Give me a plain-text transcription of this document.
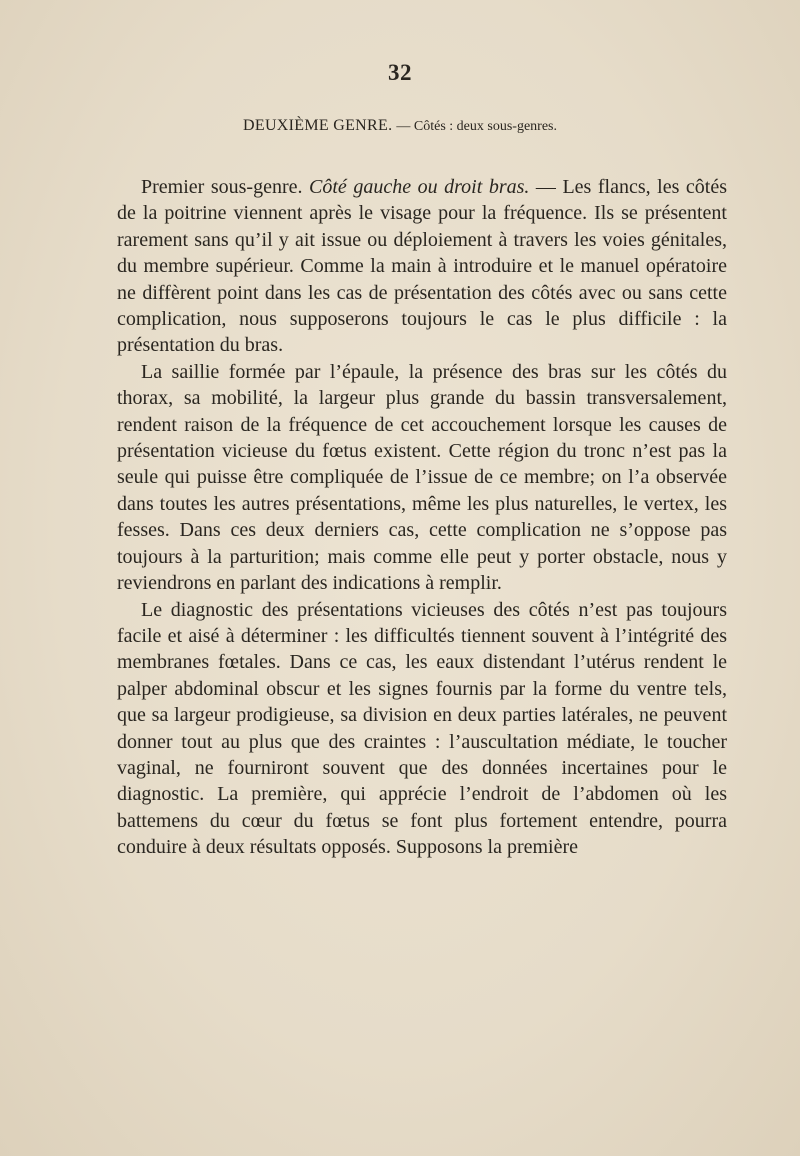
32
DEUXIÈME GENRE. — Côtés : deux sous-genres.

Premier sous-genre. Côté gauche ou droit bras. — Les flancs, les côtés de la poitrine viennent après le visage pour la fréquence. Ils se présentent rarement sans qu’il y ait issue ou déploiement à travers les voies génitales, du membre supérieur. Comme la main à introduire et le manuel opératoire ne diffèrent point dans les cas de présentation des côtés avec ou sans cette complication, nous supposerons toujours le cas le plus difficile : la présentation du bras.

La saillie formée par l’épaule, la présence des bras sur les côtés du thorax, sa mobilité, la largeur plus grande du bassin transversalement, rendent raison de la fréquence de cet accouchement lorsque les causes de présentation vicieuse du fœtus existent. Cette région du tronc n’est pas la seule qui puisse être compliquée de l’issue de ce membre; on l’a observée dans toutes les autres présentations, même les plus naturelles, le vertex, les fesses. Dans ces deux derniers cas, cette complication ne s’oppose pas toujours à la parturition; mais comme elle peut y porter obstacle, nous y reviendrons en parlant des indications à remplir.

Le diagnostic des présentations vicieuses des côtés n’est pas toujours facile et aisé à déterminer : les difficultés tiennent souvent à l’intégrité des membranes fœtales. Dans ce cas, les eaux distendant l’utérus rendent le palper abdominal obscur et les signes fournis par la forme du ventre tels, que sa largeur prodigieuse, sa division en deux parties latérales, ne peuvent donner tout au plus que des craintes : l’auscultation médiate, le toucher vaginal, ne fourniront souvent que des données incertaines pour le diagnostic. La première, qui apprécie l’endroit de l’abdomen où les battemens du cœur du fœtus se font plus fortement entendre, pourra conduire à deux résultats opposés. Supposons la première
